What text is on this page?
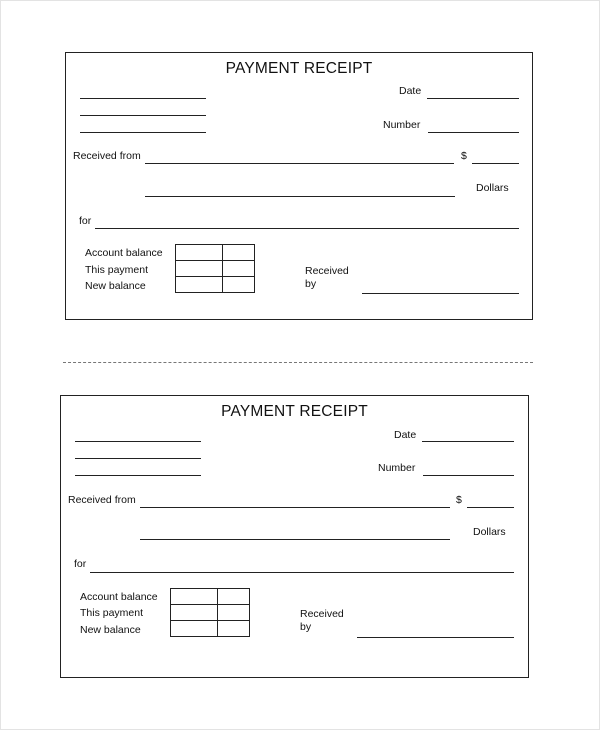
PAYMENT RECEIPT
Date
Number
Received from	$
Dollars
for
Account balance
This payment
New balance

Received
by
PAYMENT RECEIPT
Date
Number
Received from	$
Dollars
for
Account balance
This payment
New balance

Received
by
